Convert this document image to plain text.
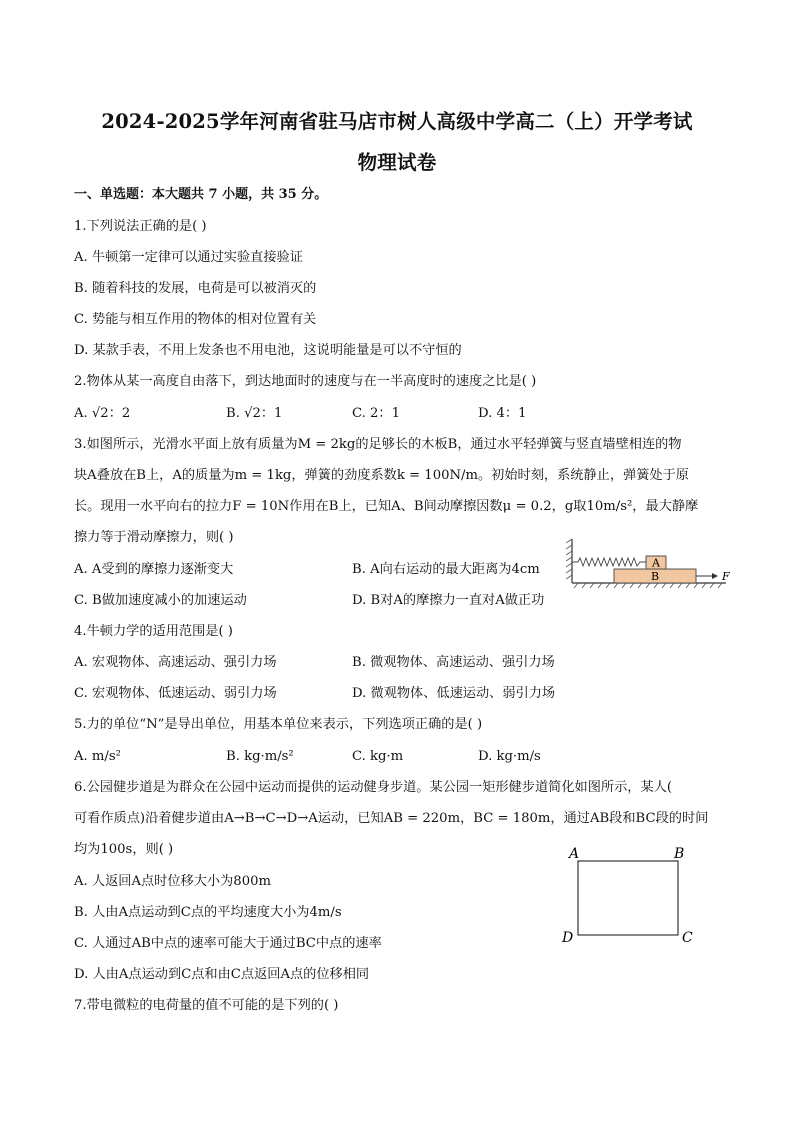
2024-2025学年河南省驻马店市树人高级中学高二（上）开学考试
物理试卷
一、单选题：本大题共 7 小题，共 35 分。
1.下列说法正确的是( )
A. 牛顿第一定律可以通过实验直接验证
B. 随着科技的发展，电荷是可以被消灭的
C. 势能与相互作用的物体的相对位置有关
D. 某款手表，不用上发条也不用电池，这说明能量是可以不守恒的
2.物体从某一高度自由落下，到达地面时的速度与在一半高度时的速度之比是( )
A. √2：2	B. √2：1	C. 2：1	D. 4：1
3.如图所示，光滑水平面上放有质量为M = 2kg的足够长的木板B，通过水平轻弹簧与竖直墙壁相连的物
块A叠放在B上，A的质量为m = 1kg，弹簧的劲度系数k = 100N/m。初始时刻，系统静止，弹簧处于原
长。现用一水平向右的拉力F = 10N作用在B上，已知A、B间动摩擦因数μ = 0.2，g取10m/s²，最大静摩
擦力等于滑动摩擦力，则( )
A. A受到的摩擦力逐渐变大	B. A向右运动的最大距离为4cm
C. B做加速度减小的加速运动	D. B对A的摩擦力一直对A做正功
B
A
F
4.牛顿力学的适用范围是( )
A. 宏观物体、高速运动、强引力场	B. 微观物体、高速运动、强引力场
C. 宏观物体、低速运动、弱引力场	D. 微观物体、低速运动、弱引力场
5.力的单位“N”是导出单位，用基本单位来表示，下列选项正确的是( )
A. m/s²	B. kg·m/s²	C. kg·m	D. kg·m/s
6.公园健步道是为群众在公园中运动而提供的运动健身步道。某公园一矩形健步道简化如图所示，某人(
可看作质点)沿着健步道由A→B→C→D→A运动，已知AB = 220m，BC = 180m，通过AB段和BC段的时间
均为100s，则( )
A. 人返回A点时位移大小为800m
B. 人由A点运动到C点的平均速度大小为4m/s
C. 人通过AB中点的速率可能大于通过BC中点的速率
D. 人由A点运动到C点和由C点返回A点的位移相同
A	B
C
D
7.带电微粒的电荷量的值不可能的是下列的( )
